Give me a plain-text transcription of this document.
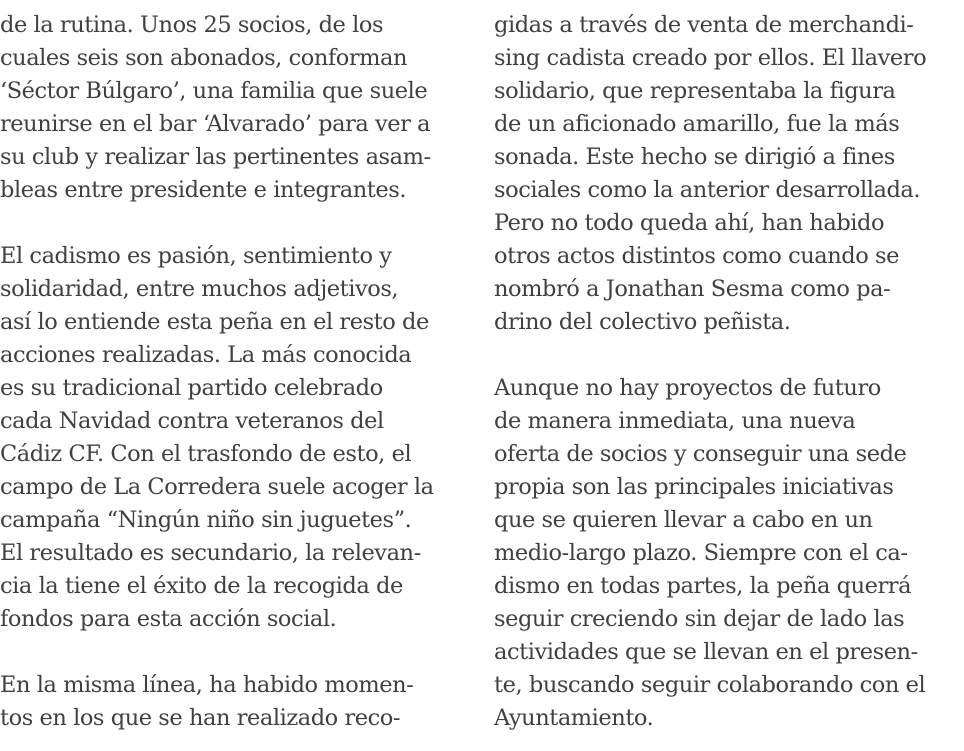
de la rutina. Unos 25 socios, de los
cuales seis son abonados, conforman
‘Séctor Búlgaro’, una familia que suele
reunirse en el bar ‘Alvarado’ para ver a
su club y realizar las pertinentes asam-
bleas entre presidente e integrantes.
El cadismo es pasión, sentimiento y
solidaridad, entre muchos adjetivos,
así lo entiende esta peña en el resto de
acciones realizadas. La más conocida
es su tradicional partido celebrado
cada Navidad contra veteranos del
Cádiz CF. Con el trasfondo de esto, el
campo de La Corredera suele acoger la
campaña “Ningún niño sin juguetes”.
El resultado es secundario, la relevan-
cia la tiene el éxito de la recogida de
fondos para esta acción social.
En la misma línea, ha habido momen-
tos en los que se han realizado reco-
gidas a través de venta de merchandi-
sing cadista creado por ellos. El llavero
solidario, que representaba la figura
de un aficionado amarillo, fue la más
sonada. Este hecho se dirigió a fines
sociales como la anterior desarrollada.
Pero no todo queda ahí, han habido
otros actos distintos como cuando se
nombró a Jonathan Sesma como pa-
drino del colectivo peñista.
Aunque no hay proyectos de futuro
de manera inmediata, una nueva
oferta de socios y conseguir una sede
propia son las principales iniciativas
que se quieren llevar a cabo en un
medio-largo plazo. Siempre con el ca-
dismo en todas partes, la peña querrá
seguir creciendo sin dejar de lado las
actividades que se llevan en el presen-
te, buscando seguir colaborando con el
Ayuntamiento.
